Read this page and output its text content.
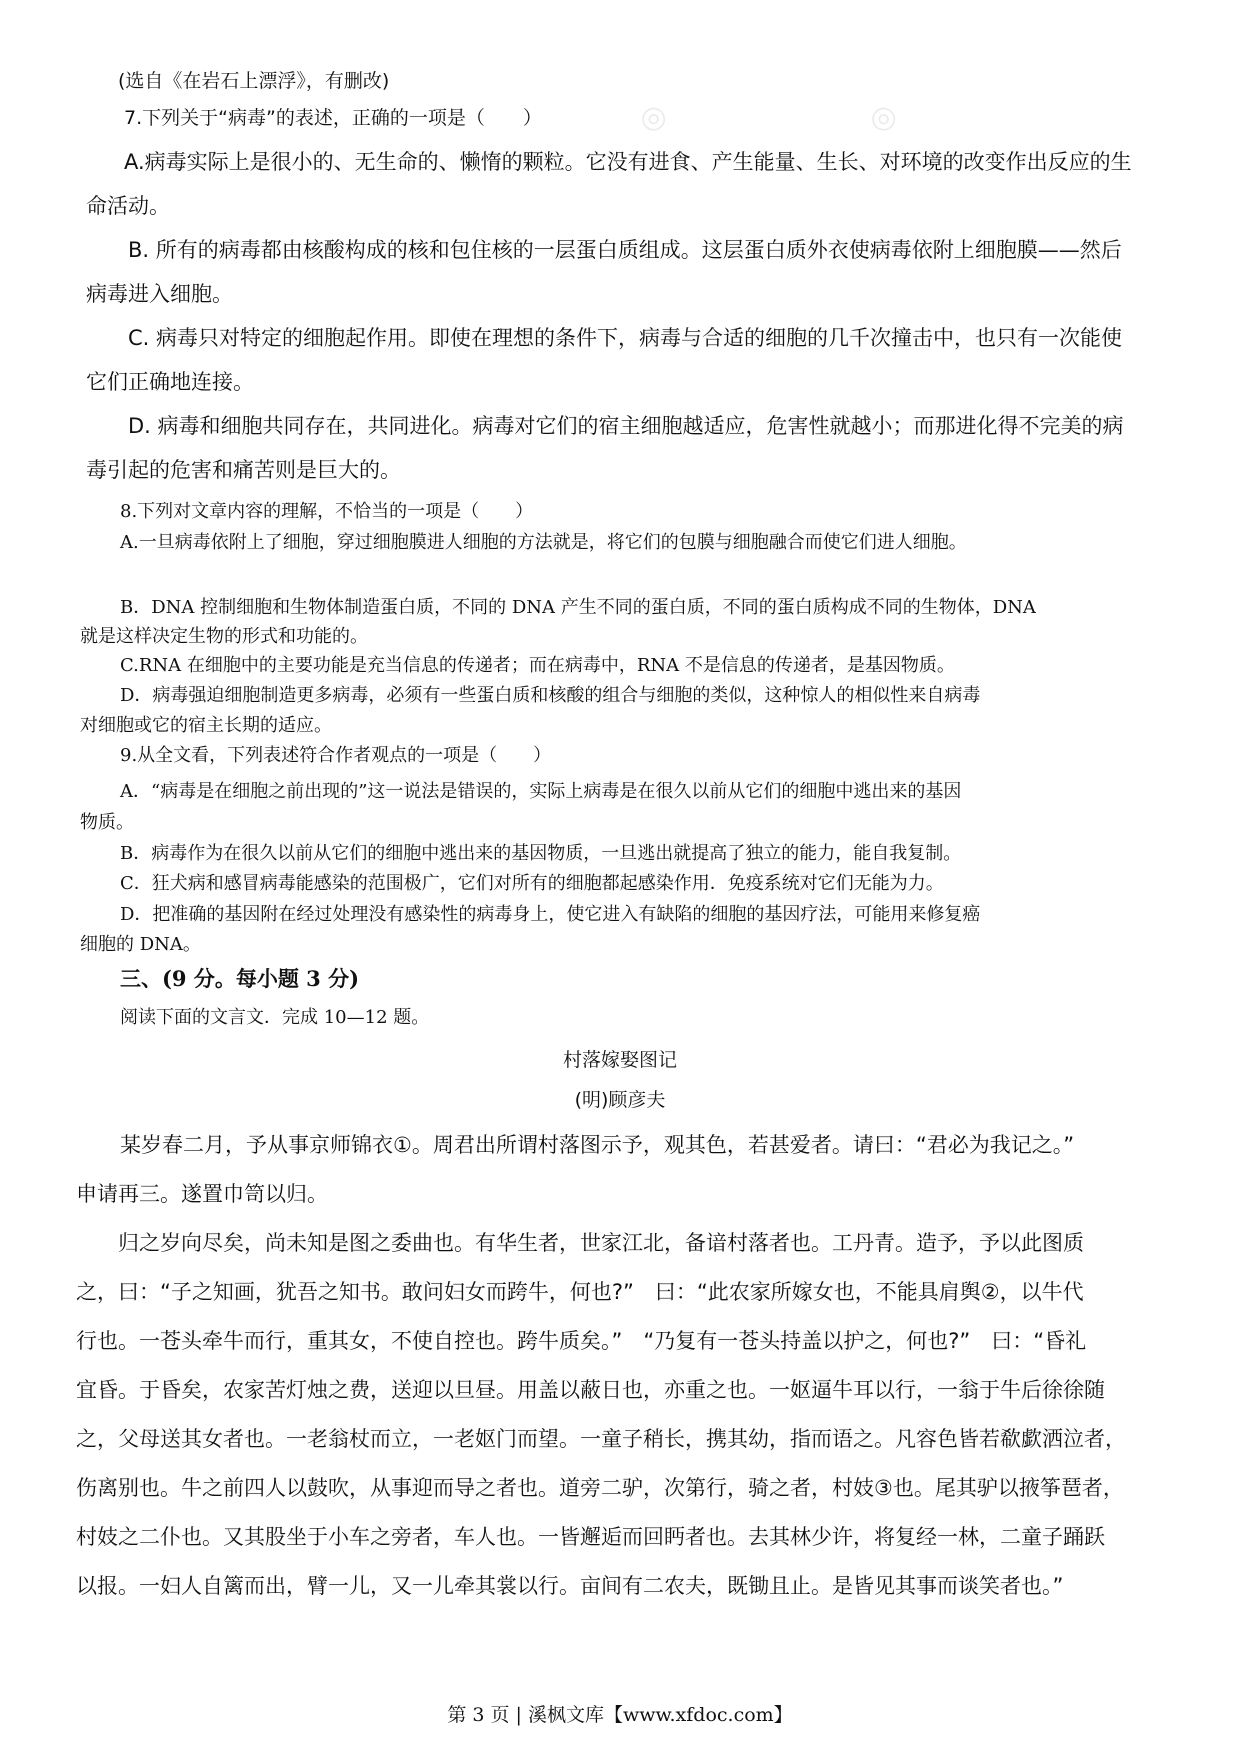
◎	◎
(选自《在岩石上漂浮》，有删改)
7.下列关于“病毒”的表述，正确的一项是（　　）
A.病毒实际上是很小的、无生命的、懒惰的颗粒。它没有进食、产生能量、生长、对环境的改变作出反应的生
命活动。
B. 所有的病毒都由核酸构成的核和包住核的一层蛋白质组成。这层蛋白质外衣使病毒依附上细胞膜——然后
病毒进入细胞。
C. 病毒只对特定的细胞起作用。即使在理想的条件下，病毒与合适的细胞的几千次撞击中，也只有一次能使
它们正确地连接。
D. 病毒和细胞共同存在，共同进化。病毒对它们的宿主细胞越适应，危害性就越小；而那进化得不完美的病
毒引起的危害和痛苦则是巨大的。
8.下列对文章内容的理解，不恰当的一项是（　　）
A.一旦病毒依附上了细胞，穿过细胞膜进人细胞的方法就是，将它们的包膜与细胞融合而使它们进人细胞。
B．DNA 控制细胞和生物体制造蛋白质，不同的 DNA 产生不同的蛋白质，不同的蛋白质构成不同的生物体，DNA
就是这样决定生物的形式和功能的。
C.RNA 在细胞中的主要功能是充当信息的传递者；而在病毒中，RNA 不是信息的传递者，是基因物质。
D．病毒强迫细胞制造更多病毒，必须有一些蛋白质和核酸的组合与细胞的类似，这种惊人的相似性来自病毒
对细胞或它的宿主长期的适应。
9.从全文看，下列表述符合作者观点的一项是（　　）
A．“病毒是在细胞之前出现的”这一说法是错误的，实际上病毒是在很久以前从它们的细胞中逃出来的基因
物质。
B．病毒作为在很久以前从它们的细胞中逃出来的基因物质，一旦逃出就提高了独立的能力，能自我复制。
C．狂犬病和感冒病毒能感染的范围极广，它们对所有的细胞都起感染作用．免疫系统对它们无能为力。
D．把准确的基因附在经过处理没有感染性的病毒身上，使它进入有缺陷的细胞的基因疗法，可能用来修复癌
细胞的 DNA。
三、(9 分。每小题 3 分)
阅读下面的文言文．完成 10—12 题。
村落嫁娶图记
(明)顾彦夫
某岁春二月，予从事京师锦衣①。周君出所谓村落图示予，观其色，若甚爱者。请曰：“君必为我记之。”
申请再三。遂置巾笥以归。
　　归之岁向尽矣，尚未知是图之委曲也。有华生者，世家江北，备谙村落者也。工丹青。造予，予以此图质
之，曰：“子之知画，犹吾之知书。敢问妇女而跨牛，何也?”　曰：“此农家所嫁女也，不能具肩舆②，以牛代
行也。一苍头牵牛而行，重其女，不使自控也。跨牛质矣。”　“乃复有一苍头持盖以护之，何也?”　曰：“昏礼
宜昏。于昏矣，农家苦灯烛之费，送迎以旦昼。用盖以蔽日也，亦重之也。一妪逼牛耳以行，一翁于牛后徐徐随
之，父母送其女者也。一老翁杖而立，一老妪门而望。一童子稍长，携其幼，指而语之。凡容色皆若欷歔洒泣者，
伤离别也。牛之前四人以鼓吹，从事迎而导之者也。道旁二驴，次第行，骑之者，村妓③也。尾其驴以掖筝琶者，
村妓之二仆也。又其股坐于小车之旁者，车人也。一皆邂逅而回眄者也。去其林少许，将复经一林，二童子踊跃
以报。一妇人自篱而出，臂一儿，又一儿牵其裳以行。亩间有二农夫，既锄且止。是皆见其事而谈笑者也。”
第 3 页 | 溪枫文库【www.xfdoc.com】
